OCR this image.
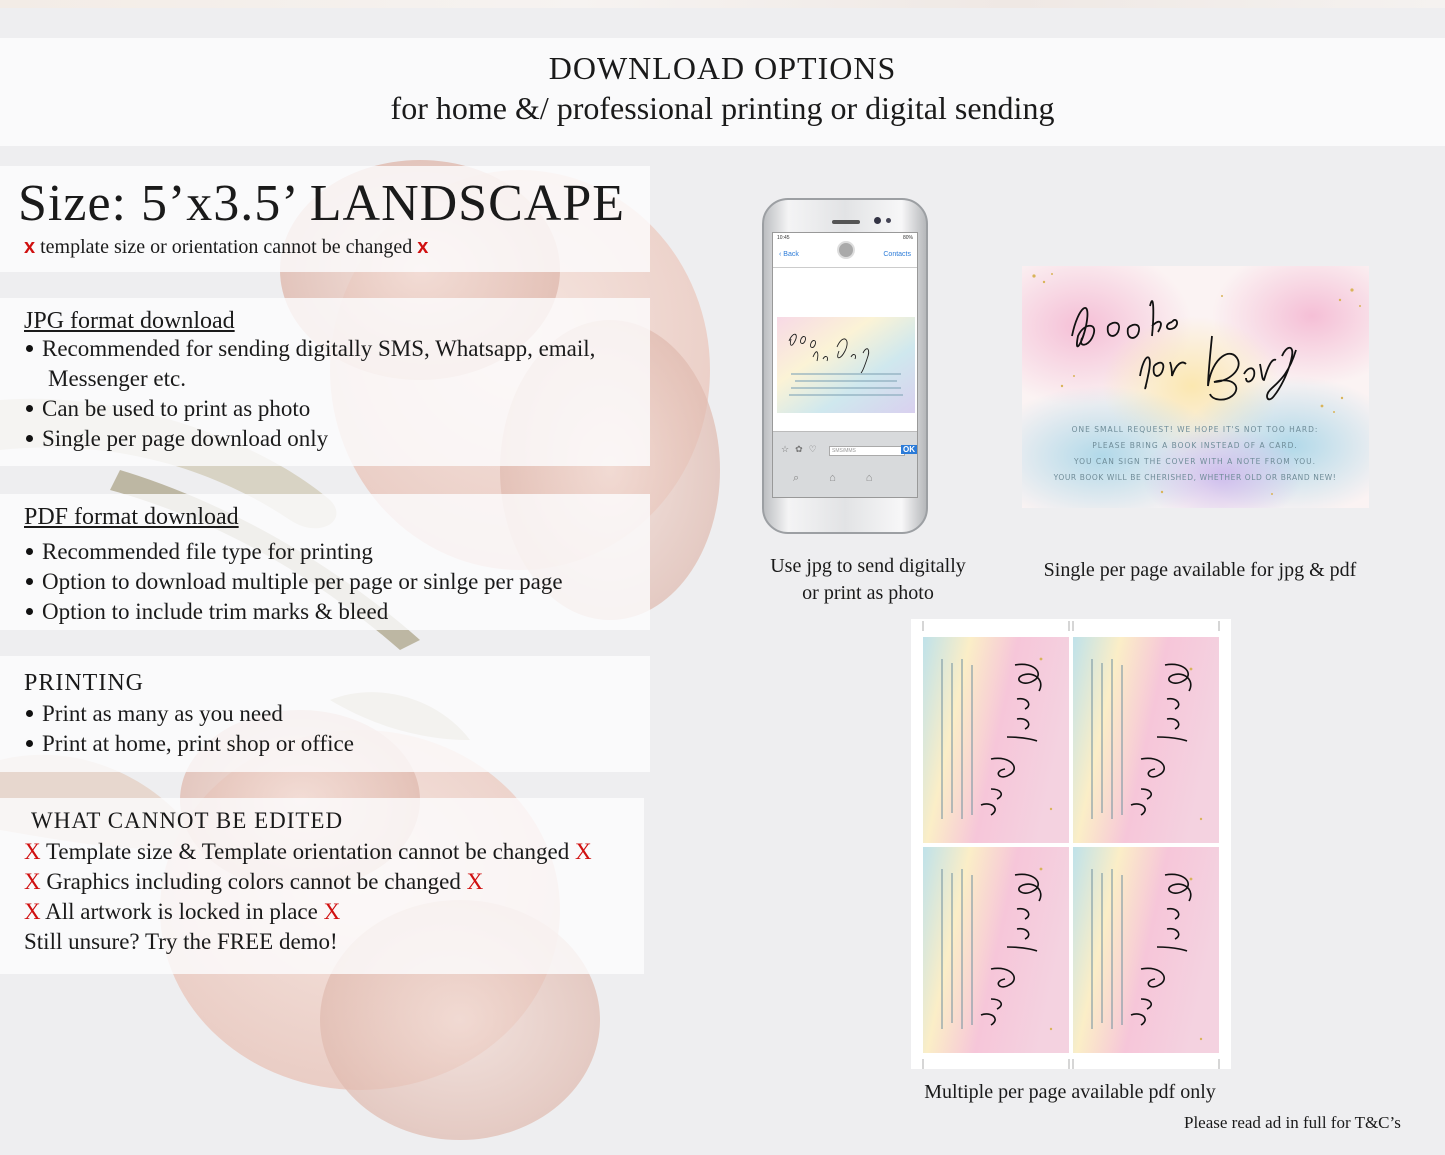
DOWNLOAD OPTIONS
for home &/ professional printing or digital sending
Size: 5’x3.5’ LANDSCAPE
x template size or orientation cannot be changed x
JPG format download
Recommended for sending digitally SMS, Whatsapp, email,
Messenger etc.
Can be used to print as photo
Single per page download only
PDF format download
Recommended file type for printing
Option to download multiple per page or sinlge per page
Option to include trim marks & bleed
PRINTING
Print as many as you need
Print at home, print shop or office
WHAT CANNOT BE EDITED
X Template size & Template orientation cannot be changed X
X Graphics including colors cannot be changed X
X All artwork is locked in place X
Still unsure? Try the FREE demo!
10:45	80%
‹ Back	Contacts
☆✿♡	SMS/MMS	OK
⌕⌂⌂
ONE SMALL REQUEST! WE HOPE IT'S NOT TOO HARD:
PLEASE BRING A BOOK INSTEAD OF A CARD.
YOU CAN SIGN THE COVER WITH A NOTE FROM YOU.
YOUR BOOK WILL BE CHERISHED, WHETHER OLD OR BRAND NEW!
Use jpg to send digitally
or print as photo
Single per page available for jpg & pdf
Multiple per page available pdf only
Please read ad in full for T&C’s
